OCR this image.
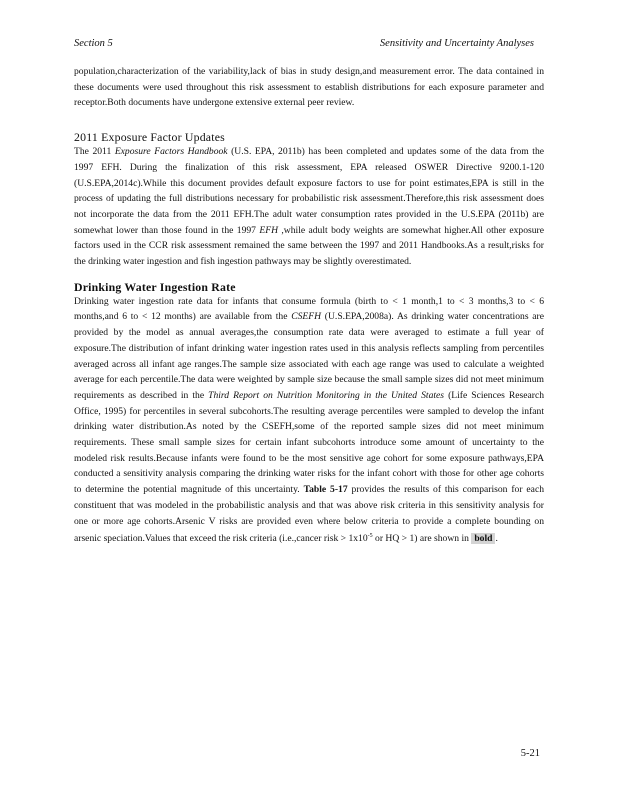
Section 5	Sensitivity and Uncertainty Analyses

population,characterization of the variability,lack of bias in study design,and measurement error. The data contained in these documents were used throughout this risk assessment to establish distributions for each exposure parameter and receptor.Both documents have undergone extensive external peer review.

2011 Exposure Factor Updates

The 2011 Exposure Factors Handbook (U.S. EPA, 2011b) has been completed and updates some of the data from the 1997 EFH. During the finalization of this risk assessment, EPA released OSWER Directive 9200.1-120 (U.S.EPA,2014c).While this document provides default exposure factors to use for point estimates,EPA is still in the process of updating the full distributions necessary for probabilistic risk assessment.Therefore,this risk assessment does not incorporate the data from the 2011 EFH.The adult water consumption rates provided in the U.S.EPA (2011b) are somewhat lower than those found in the 1997 EFH ,while adult body weights are somewhat higher.All other exposure factors used in the CCR risk assessment remained the same between the 1997 and 2011 Handbooks.As a result,risks for the drinking water ingestion and fish ingestion pathways may be slightly overestimated.

Drinking Water Ingestion Rate

Drinking water ingestion rate data for infants that consume formula (birth to < 1 month,1 to < 3 months,3 to < 6 months,and 6 to < 12 months) are available from the CSEFH (U.S.EPA,2008a). As drinking water concentrations are provided by the model as annual averages,the consumption rate data were averaged to estimate a full year of exposure.The distribution of infant drinking water ingestion rates used in this analysis reflects sampling from percentiles averaged across all infant age ranges.The sample size associated with each age range was used to calculate a weighted average for each percentile.The data were weighted by sample size because the small sample sizes did not meet minimum requirements as described in the Third Report on Nutrition Monitoring in the United States (Life Sciences Research Office, 1995) for percentiles in several subcohorts.The resulting average percentiles were sampled to develop the infant drinking water distribution.As noted by the CSEFH,some of the reported sample sizes did not meet minimum requirements. These small sample sizes for certain infant subcohorts introduce some amount of uncertainty to the modeled risk results.Because infants were found to be the most sensitive age cohort for some exposure pathways,EPA conducted a sensitivity analysis comparing the drinking water risks for the infant cohort with those for other age cohorts to determine the potential magnitude of this uncertainty. Table 5-17 provides the results of this comparison for each constituent that was modeled in the probabilistic analysis and that was above risk criteria in this sensitivity analysis for one or more age cohorts.Arsenic V risks are provided even where below criteria to provide a complete bounding on arsenic speciation.Values that exceed the risk criteria (i.e.,cancer risk > $1x10^{-5}$ or HQ > 1) are shown in bold .

5-21
